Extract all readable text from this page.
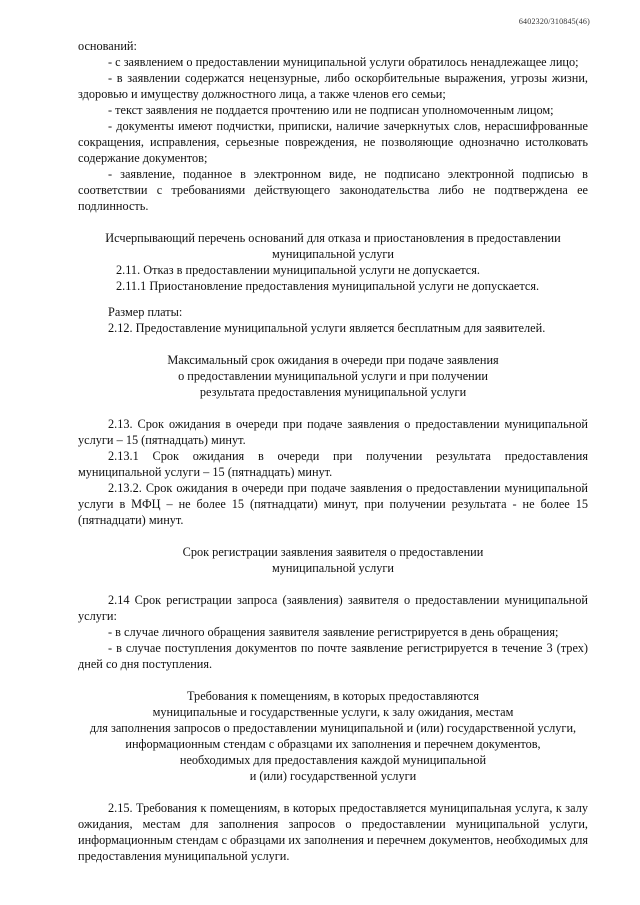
6402320/310845(46)

оснований:

- с заявлением о предоставлении муниципальной услуги обратилось ненадлежащее лицо;

- в заявлении содержатся нецензурные, либо оскорбительные выражения, угрозы жизни, здоровью и имуществу должностного лица, а также членов его семьи;

- текст заявления не поддается прочтению или не подписан уполномоченным лицом;

- документы имеют подчистки, приписки, наличие зачеркнутых слов, нерасшифрованные сокращения, исправления, серьезные повреждения, не позволяющие однозначно истолковать содержание документов;

- заявление, поданное в электронном виде, не подписано электронной подписью в соответствии с требованиями действующего законодательства либо не подтверждена ее подлинность.

Исчерпывающий перечень оснований для отказа и приостановления в предоставлении

муниципальной услуги

2.11. Отказ в предоставлении муниципальной услуги не допускается.

2.11.1 Приостановление предоставления муниципальной услуги не допускается.

Размер платы:

2.12. Предоставление муниципальной услуги является бесплатным для заявителей.

Максимальный срок ожидания в очереди при подаче заявления

о предоставлении муниципальной услуги и при получении

результата предоставления муниципальной услуги

2.13. Срок ожидания в очереди при подаче заявления о предоставлении муниципальной услуги – 15 (пятнадцать) минут.

2.13.1 Срок ожидания в очереди при получении результата предоставления муниципальной услуги – 15 (пятнадцать) минут.

2.13.2. Срок ожидания в очереди при подаче заявления о предоставлении муниципальной услуги в МФЦ – не более 15 (пятнадцати) минут, при получении результата - не более 15 (пятнадцати) минут.

Срок регистрации заявления заявителя о предоставлении

муниципальной услуги

2.14 Срок регистрации запроса (заявления) заявителя о предоставлении муниципальной услуги:

- в случае личного обращения заявителя заявление регистрируется в день обращения;

- в случае поступления документов по почте заявление регистрируется в течение 3 (трех) дней со дня поступления.

Требования к помещениям, в которых предоставляются

муниципальные и государственные услуги, к залу ожидания, местам

для заполнения запросов о предоставлении муниципальной и (или) государственной услуги,

информационным стендам с образцами их заполнения и перечнем документов,

необходимых для предоставления каждой муниципальной

и (или) государственной услуги

2.15. Требования к помещениям, в которых предоставляется муниципальная услуга, к залу ожидания, местам для заполнения запросов о предоставлении муниципальной услуги, информационным стендам с образцами их заполнения и перечнем документов, необходимых для предоставления муниципальной услуги.
